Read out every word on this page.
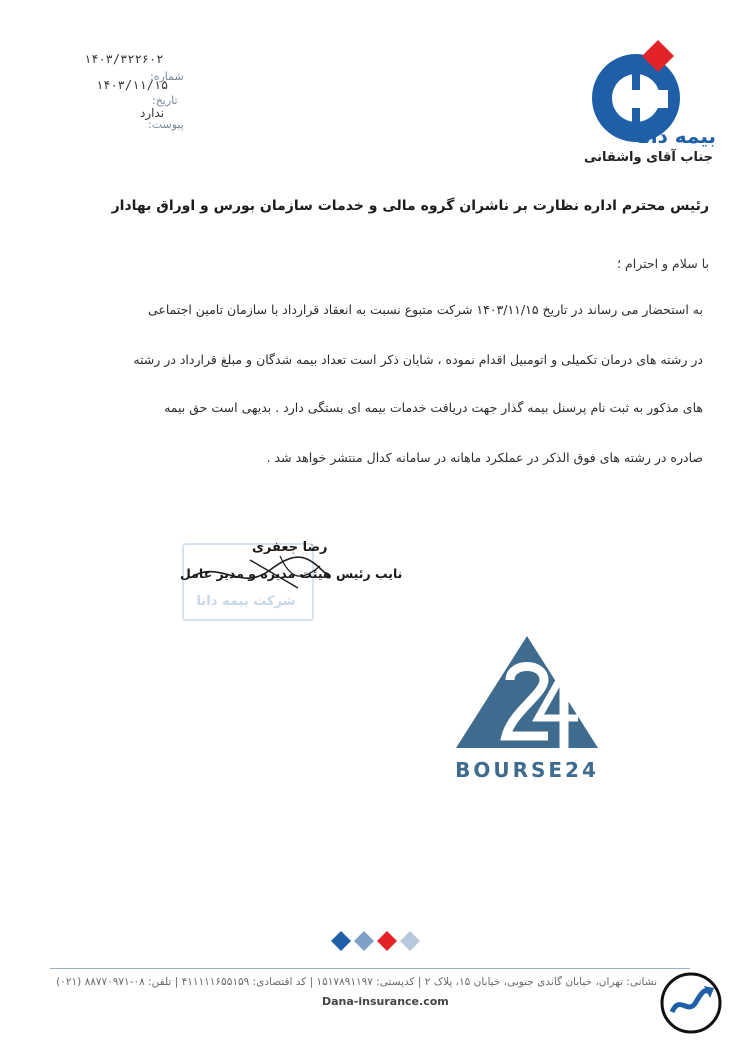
۱۴۰۳/۳۲۲۶۰۲
شماره:
۱۴۰۳/۱۱/۱۵
تاریخ:
ندارد
پیوست:	بیمه دانا
جناب آقای واشقانی
رئیس محترم اداره نظارت بر ناشران گروه مالی و خدمات سازمان بورس و اوراق بهادار
با سلام و احترام ؛
به استحضار می رساند در تاریخ ۱۴۰۳/۱۱/۱۵ شرکت متبوع نسبت به انعقاد قرارداد با سازمان تامین اجتماعی
در رشته های درمان تکمیلی و اتومبیل اقدام نموده ، شایان ذکر است تعداد بیمه شدگان و مبلغ قرارداد در رشته
های مذکور به ثبت نام پرسنل بیمه گذار جهت دریافت خدمات بیمه ای بستگی دارد . بدیهی است حق بیمه
صادره در رشته های فوق الذکر در عملکرد ماهانه در سامانه کدال منتشر خواهد شد .
شرکت بیمه دانا
رضا جعفری
نایب رئیس هیئت مدیره و مدیر عامل
BOURSE24
نشانی: تهران، خیابان گاندی جنوبی، خیابان ۱۵، پلاک ۲ | کدپستی: ۱۵۱۷۸۹۱۱۹۷ | کد اقتصادی: ۴۱۱۱۱۱۶۵۵۱۵۹ | تلفن: ۰۸-۸۸۷۷۰۹۷۱ (۰۲۱)
Dana-insurance.com
